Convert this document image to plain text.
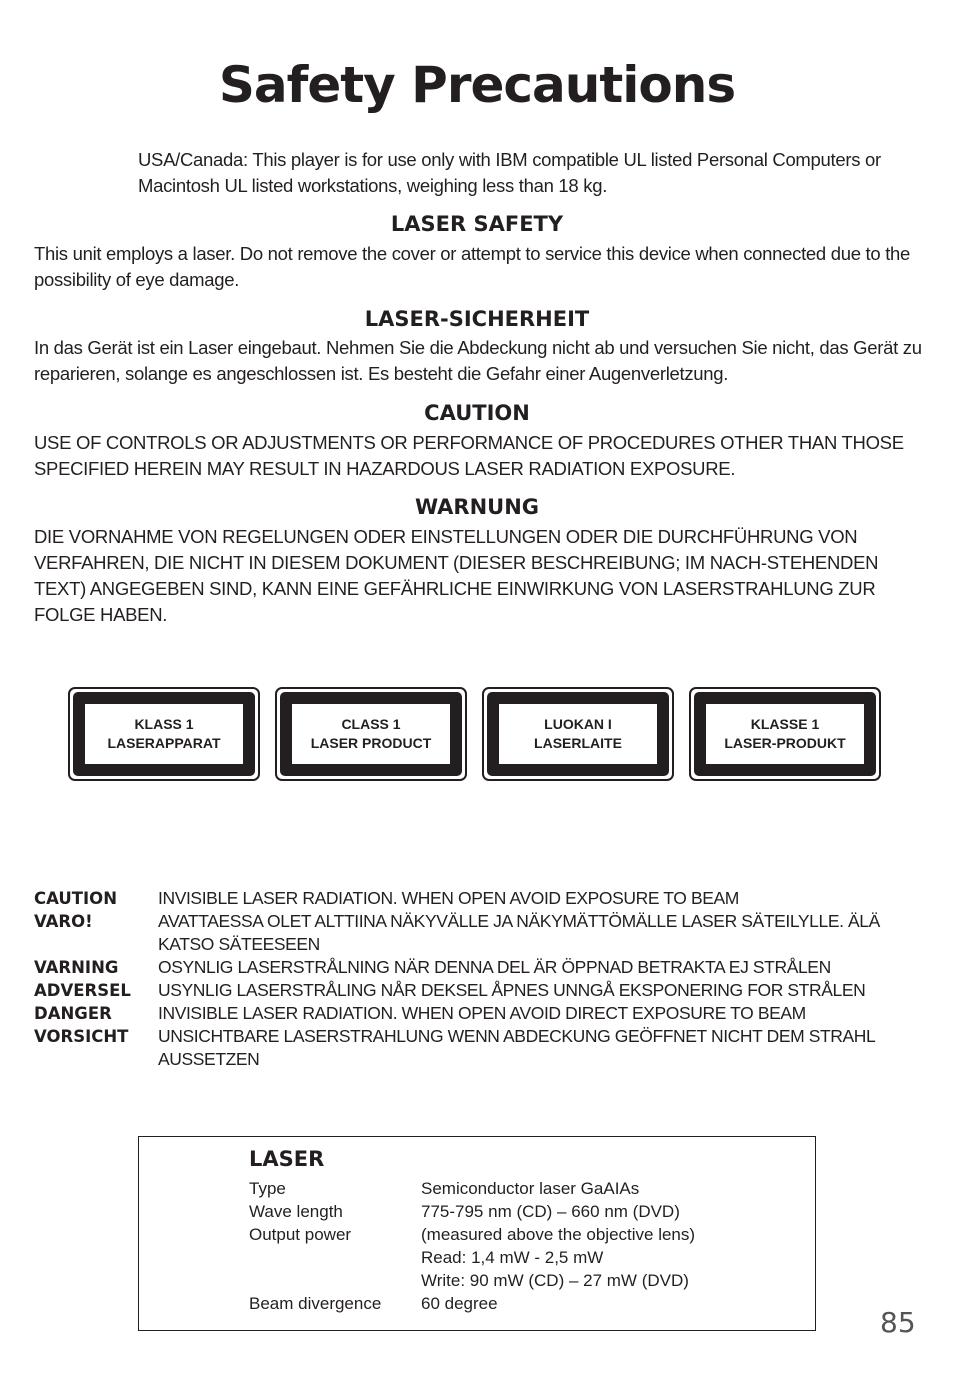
Safety Precautions
USA/Canada: This player is for use only with IBM compatible UL listed Personal Computers or Macintosh UL listed workstations, weighing less than 18 kg.
LASER SAFETY
This unit employs a laser. Do not remove the cover or attempt to service this device when connected due to the possibility of eye damage.
LASER-SICHERHEIT
In das Gerät ist ein Laser eingebaut. Nehmen Sie die Abdeckung nicht ab und versuchen Sie nicht, das Gerät zu reparieren, solange es angeschlossen ist. Es besteht die Gefahr einer Augenverletzung.
CAUTION
USE OF CONTROLS OR ADJUSTMENTS OR PERFORMANCE OF PROCEDURES OTHER THAN THOSE SPECIFIED HEREIN MAY RESULT IN HAZARDOUS LASER RADIATION EXPOSURE.
WARNUNG
DIE VORNAHME VON REGELUNGEN ODER EINSTELLUNGEN ODER DIE DURCHFÜHRUNG VON VERFAHREN, DIE NICHT IN DIESEM DOKUMENT (DIESER BESCHREIBUNG; IM NACH-STEHENDEN TEXT) ANGEGEBEN SIND, KANN EINE GEFÄHRLICHE EINWIRKUNG VON LASERSTRAHLUNG ZUR FOLGE HABEN.
KLASS 1
LASERAPPARAT
CLASS 1
LASER PRODUCT
LUOKAN I
LASERLAITE
KLASSE 1
LASER-PRODUKT
CAUTION	INVISIBLE LASER RADIATION. WHEN OPEN AVOID EXPOSURE TO BEAM
VARO!	AVATTAESSA OLET ALTTIINA NÄKYVÄLLE JA NÄKYMÄTTÖMÄLLE LASER SÄTEILYLLE. ÄLÄ KATSO SÄTEESEEN
VARNING	OSYNLIG LASERSTRÅLNING NÄR DENNA DEL ÄR ÖPPNAD BETRAKTA EJ STRÅLEN
ADVERSEL	USYNLIG LASERSTRÅLING NÅR DEKSEL ÅPNES UNNGÅ EKSPONERING FOR STRÅLEN
DANGER	INVISIBLE LASER RADIATION. WHEN OPEN AVOID DIRECT EXPOSURE TO BEAM
VORSICHT	UNSICHTBARE LASERSTRAHLUNG WENN ABDECKUNG GEÖFFNET NICHT DEM STRAHL AUSSETZEN
LASER
Type	Semiconductor laser GaAIAs
Wave length	775-795 nm (CD) – 660 nm (DVD)
Output power	(measured above the objective lens)
Read: 1,4 mW - 2,5 mW
Write: 90 mW (CD) – 27 mW (DVD)
Beam divergence	60 degree
85
